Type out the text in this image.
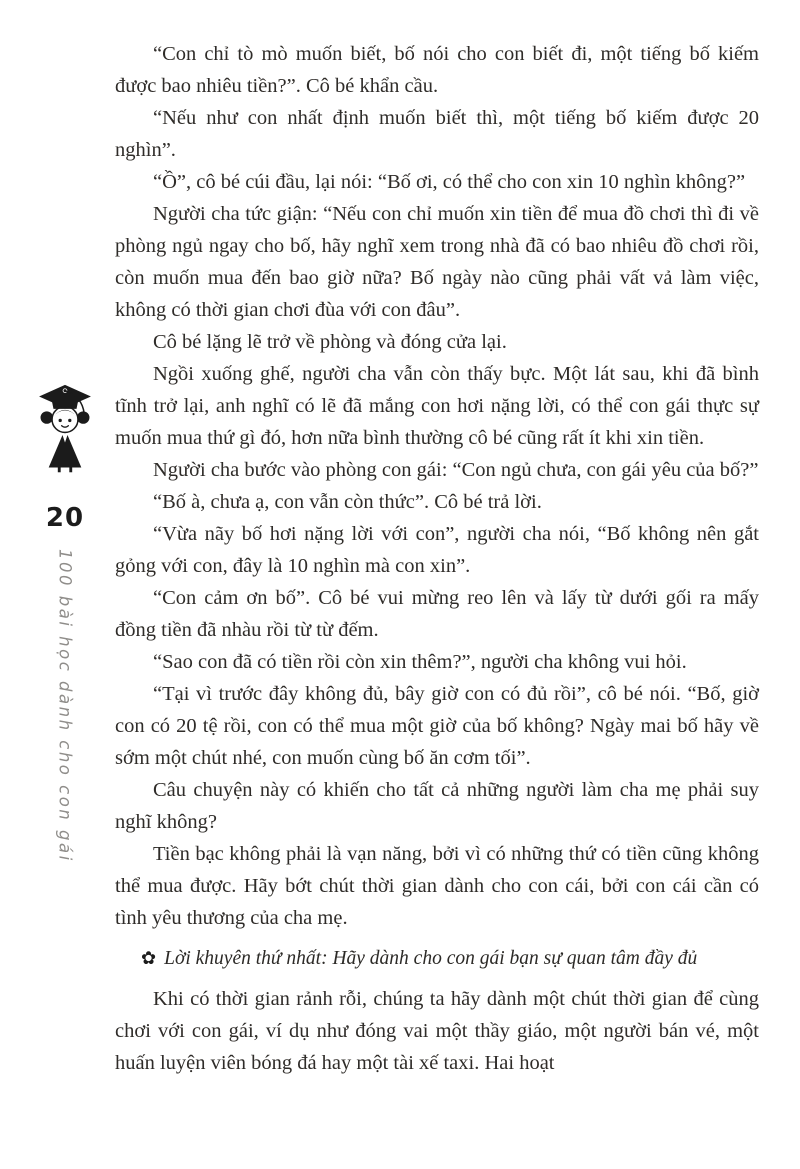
20
100 bài học dành cho con gái

“Con chỉ tò mò muốn biết, bố nói cho con biết đi, một tiếng bố kiếm được bao nhiêu tiền?”. Cô bé khẩn cầu.

“Nếu như con nhất định muốn biết thì, một tiếng bố kiếm được 20 nghìn”.

“Ồ”, cô bé cúi đầu, lại nói: “Bố ơi, có thể cho con xin 10 nghìn không?”

Người cha tức giận: “Nếu con chỉ muốn xin tiền để mua đồ chơi thì đi về phòng ngủ ngay cho bố, hãy nghĩ xem trong nhà đã có bao nhiêu đồ chơi rồi, còn muốn mua đến bao giờ nữa? Bố ngày nào cũng phải vất vả làm việc, không có thời gian chơi đùa với con đâu”.

Cô bé lặng lẽ trở về phòng và đóng cửa lại.

Ngồi xuống ghế, người cha vẫn còn thấy bực. Một lát sau, khi đã bình tĩnh trở lại, anh nghĩ có lẽ đã mắng con hơi nặng lời, có thể con gái thực sự muốn mua thứ gì đó, hơn nữa bình thường cô bé cũng rất ít khi xin tiền.

Người cha bước vào phòng con gái: “Con ngủ chưa, con gái yêu của bố?”

“Bố à, chưa ạ, con vẫn còn thức”. Cô bé trả lời.

“Vừa nãy bố hơi nặng lời với con”, người cha nói, “Bố không nên gắt gỏng với con, đây là 10 nghìn mà con xin”.

“Con cảm ơn bố”. Cô bé vui mừng reo lên và lấy từ dưới gối ra mấy đồng tiền đã nhàu rồi từ từ đếm.

“Sao con đã có tiền rồi còn xin thêm?”, người cha không vui hỏi.

“Tại vì trước đây không đủ, bây giờ con có đủ rồi”, cô bé nói. “Bố, giờ con có 20 tệ rồi, con có thể mua một giờ của bố không? Ngày mai bố hãy về sớm một chút nhé, con muốn cùng bố ăn cơm tối”.

Câu chuyện này có khiến cho tất cả những người làm cha mẹ phải suy nghĩ không?

Tiền bạc không phải là vạn năng, bởi vì có những thứ có tiền cũng không thể mua được. Hãy bớt chút thời gian dành cho con cái, bởi con cái cần có tình yêu thương của cha mẹ.

✿ Lời khuyên thứ nhất: Hãy dành cho con gái bạn sự quan tâm đầy đủ

Khi có thời gian rảnh rỗi, chúng ta hãy dành một chút thời gian để cùng chơi với con gái, ví dụ như đóng vai một thầy giáo, một người bán vé, một huấn luyện viên bóng đá hay một tài xế taxi. Hai hoạt
